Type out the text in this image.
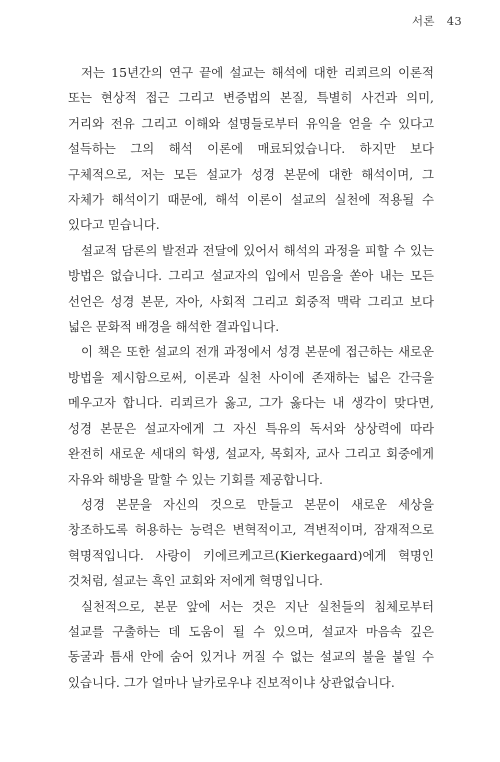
서론 43

저는 15년간의 연구 끝에 설교는 해석에 대한 리쾨르의 이론적 또는 현상적 접근 그리고 변증법의 본질, 특별히 사건과 의미, 거리와 전유 그리고 이해와 설명들로부터 유익을 얻을 수 있다고 설득하는 그의 해석 이론에 매료되었습니다. 하지만 보다 구체적으로, 저는 모든 설교가 성경 본문에 대한 해석이며, 그 자체가 해석이기 때문에, 해석 이론이 설교의 실천에 적용될 수 있다고 믿습니다.

설교적 담론의 발전과 전달에 있어서 해석의 과정을 피할 수 있는 방법은 없습니다. 그리고 설교자의 입에서 믿음을 쏟아 내는 모든 선언은 성경 본문, 자아, 사회적 그리고 회중적 맥락 그리고 보다 넓은 문화적 배경을 해석한 결과입니다.

이 책은 또한 설교의 전개 과정에서 성경 본문에 접근하는 새로운 방법을 제시함으로써, 이론과 실천 사이에 존재하는 넓은 간극을 메우고자 합니다. 리쾨르가 옳고, 그가 옳다는 내 생각이 맞다면, 성경 본문은 설교자에게 그 자신 특유의 독서와 상상력에 따라 완전히 새로운 세대의 학생, 설교자, 목회자, 교사 그리고 회중에게 자유와 해방을 말할 수 있는 기회를 제공합니다.

성경 본문을 자신의 것으로 만들고 본문이 새로운 세상을 창조하도록 허용하는 능력은 변혁적이고, 격변적이며, 잠재적으로 혁명적입니다. 사랑이 키에르케고르(Kierkegaard)에게 혁명인 것처럼, 설교는 흑인 교회와 저에게 혁명입니다.

실천적으로, 본문 앞에 서는 것은 지난 실천들의 침체로부터 설교를 구출하는 데 도움이 될 수 있으며, 설교자 마음속 깊은 동굴과 틈새 안에 숨어 있거나 꺼질 수 없는 설교의 불을 붙일 수 있습니다. 그가 얼마나 날카로우냐 진보적이냐 상관없습니다.
